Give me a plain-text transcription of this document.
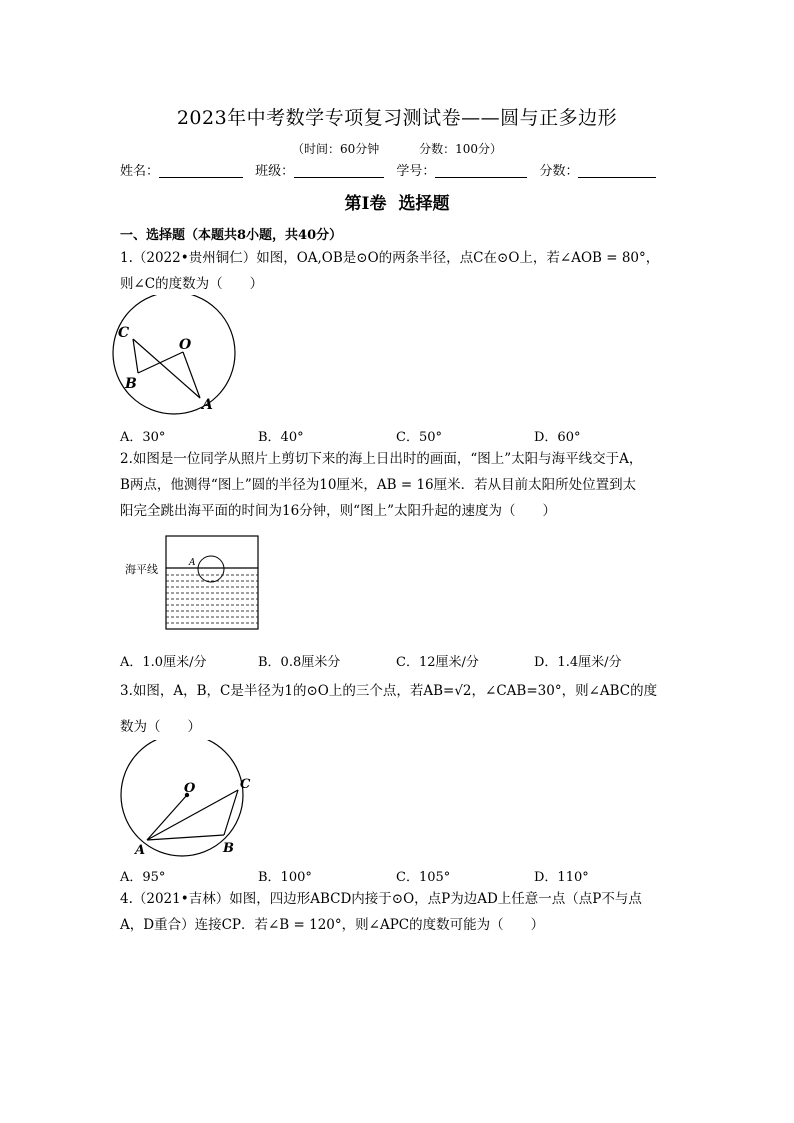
2023年中考数学专项复习测试卷——圆与正多边形
（时间：60分钟	分数：100分）
姓名：	班级：	学号：	分数：
第Ⅰ卷 选择题
一、选择题（本题共8小题，共40分）
1.（2022•贵州铜仁）如图，OA,OB是⊙O的两条半径，点C在⊙O上，若∠AOB = 80°，
则∠C的度数为（　　）
C
O
B
A
A．30°	B．40°	C．50°	D．60°
2.如图是一位同学从照片上剪切下来的海上日出时的画面，“图上”太阳与海平线交于A，
B两点，他测得“图上”圆的半径为10厘米，AB = 16厘米．若从目前太阳所处位置到太
阳完全跳出海平面的时间为16分钟，则“图上”太阳升起的速度为（　　）
海平线	A
A．1.0厘米/分	B．0.8厘米分	C．12厘米/分	D．1.4厘米/分
3.如图，A，B，C是半径为1的⊙O上的三个点，若AB=√2，∠CAB=30°，则∠ABC的度
数为（　　）
O	C
A	B
A．95°	B．100°	C．105°	D．110°
4.（2021•吉林）如图，四边形ABCD内接于⊙O，点P为边AD上任意一点（点P不与点
A，D重合）连接CP．若∠B = 120°，则∠APC的度数可能为（　　）
